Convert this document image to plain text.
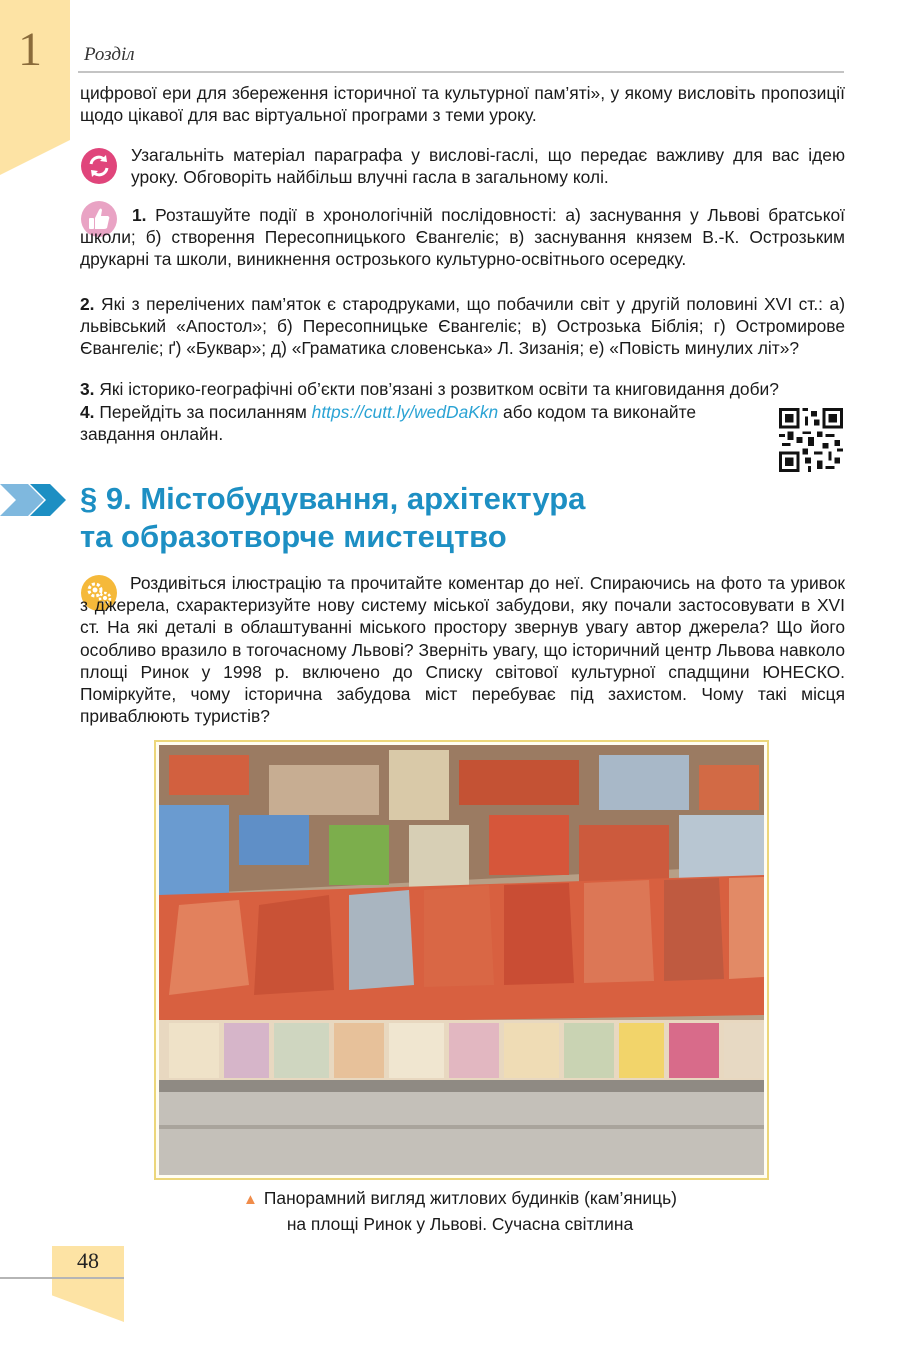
1 Розділ

цифрової ери для збереження історичної та культурної пам’яті», у якому висловіть пропозиції щодо цікавої для вас віртуальної програми з теми уроку.

Узагальніть матеріал параграфа у вислові-гаслі, що передає важливу для вас ідею уроку. Обговоріть найбільш влучні гасла в загальному колі.

1. Розташуйте події в хронологічній послідовності: а) заснування у Львові братської школи; б) створення Пересопницького Євангеліє; в) заснування князем В.-К. Острозьким друкарні та школи, виникнення острозького культурно-освітнього осередку.

2. Які з перелічених пам’яток є стародруками, що побачили світ у другій половині XVI ст.: а) львівський «Апостол»; б) Пересопницьке Євангеліє; в) Острозька Біблія; г) Остромирове Євангеліє; ґ) «Буквар»; д) «Граматика словенська» Л. Зизанія; е) «Повість минулих літ»?

3. Які історико-географічні об’єкти пов’язані з розвитком освіти та книговидання доби?

4. Перейдіть за посиланням https://cutt.ly/wedDaKkn або кодом та виконайте завдання онлайн.

§ 9. Містобудування, архітектура
та образотворче мистецтво

Роздивіться ілюстрацію та прочитайте коментар до неї. Спираючись на фото та уривок з джерела, схарактеризуйте нову систему міської забудови, яку почали застосовувати в XVI ст. На які деталі в облаштуванні міського простору звернув увагу автор джерела? Що його особливо вразило в тогочасному Львові? Зверніть увагу, що історичний центр Львова навколо площі Ринок у 1998 р. включено до Списку світової культурної спадщини ЮНЕСКО. Поміркуйте, чому історична забудова міст перебуває під захистом. Чому такі місця приваблюють туристів?

▲ Панорамний вигляд житлових будинків (кам’яниць)
на площі Ринок у Львові. Сучасна світлина
48
